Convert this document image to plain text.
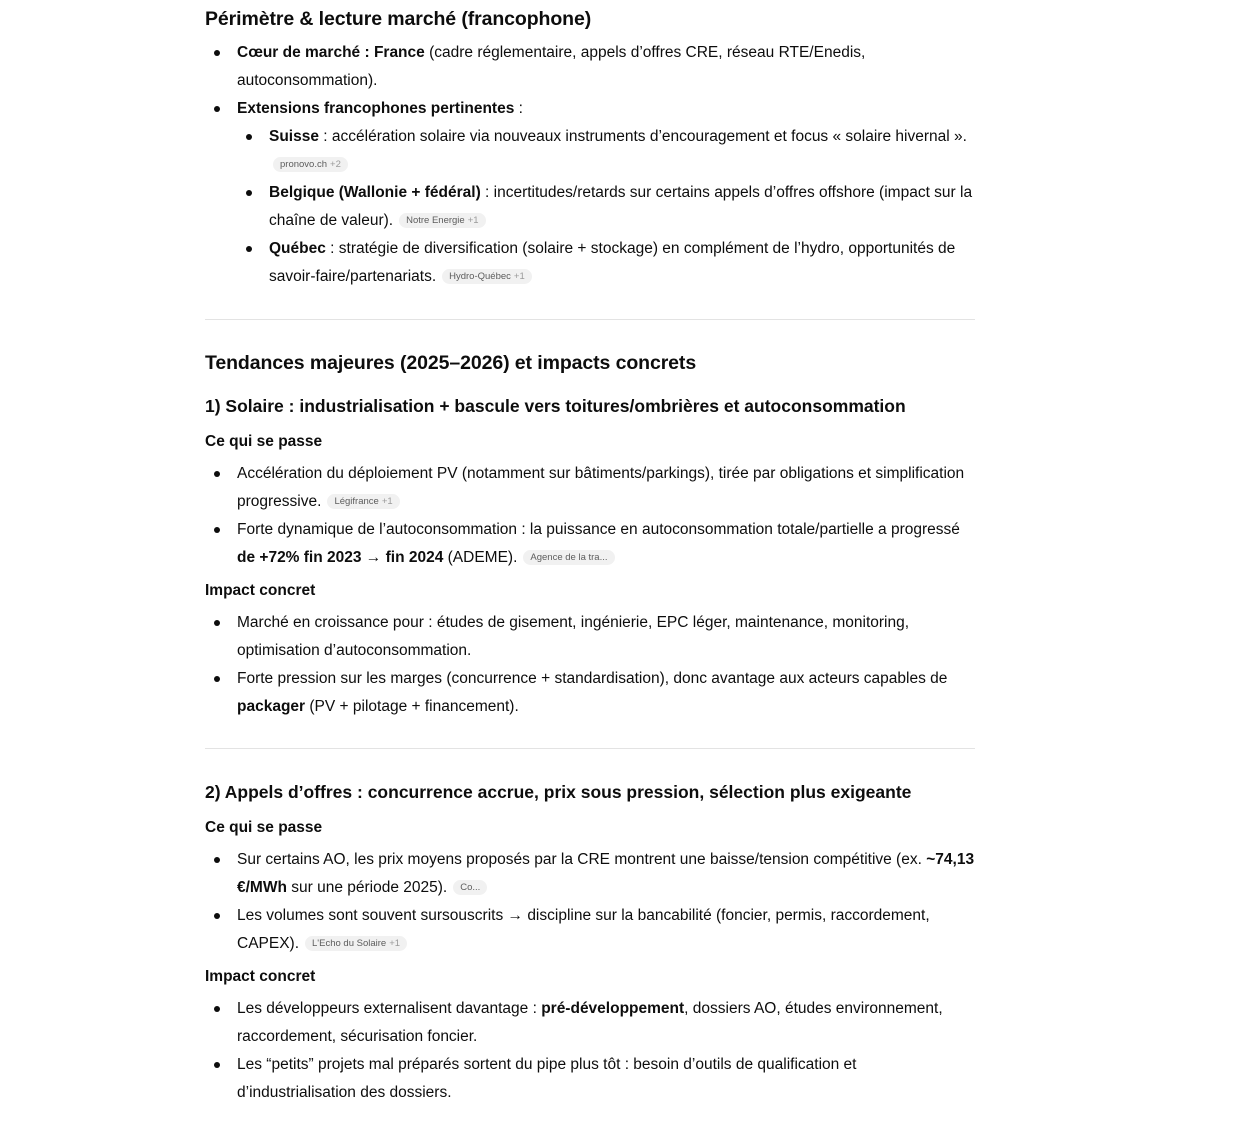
Périmètre & lecture marché (francophone)
Cœur de marché : France (cadre réglementaire, appels d’offres CRE, réseau RTE/Enedis, autoconsommation).
Extensions francophones pertinentes :
Suisse : accélération solaire via nouveaux instruments d’encouragement et focus « solaire hivernal ».
pronovo.ch +2
Belgique (Wallonie + fédéral) : incertitudes/retards sur certains appels d’offres offshore (impact sur la chaîne de valeur). Notre Energie +1
Québec : stratégie de diversification (solaire + stockage) en complément de l’hydro, opportunités de savoir-faire/partenariats. Hydro-Québec +1
Tendances majeures (2025–2026) et impacts concrets
1) Solaire : industrialisation + bascule vers toitures/ombrières et autoconsommation

Ce qui se passe

Accélération du déploiement PV (notamment sur bâtiments/parkings), tirée par obligations et simplification progressive. Légifrance +1
Forte dynamique de l’autoconsommation : la puissance en autoconsommation totale/partielle a progressé de +72% fin 2023 → fin 2024 (ADEME). Agence de la tra...

Impact concret

Marché en croissance pour : études de gisement, ingénierie, EPC léger, maintenance, monitoring, optimisation d’autoconsommation.
Forte pression sur les marges (concurrence + standardisation), donc avantage aux acteurs capables de packager (PV + pilotage + financement).
2) Appels d’offres : concurrence accrue, prix sous pression, sélection plus exigeante

Ce qui se passe

Sur certains AO, les prix moyens proposés par la CRE montrent une baisse/tension compétitive (ex. ~74,13 €/MWh sur une période 2025). Co...
Les volumes sont souvent sursouscrits → discipline sur la bancabilité (foncier, permis, raccordement, CAPEX). L'Echo du Solaire +1

Impact concret

Les développeurs externalisent davantage : pré-développement, dossiers AO, études environnement, raccordement, sécurisation foncier.
Les “petits” projets mal préparés sortent du pipe plus tôt : besoin d’outils de qualification et d’industrialisation des dossiers.
